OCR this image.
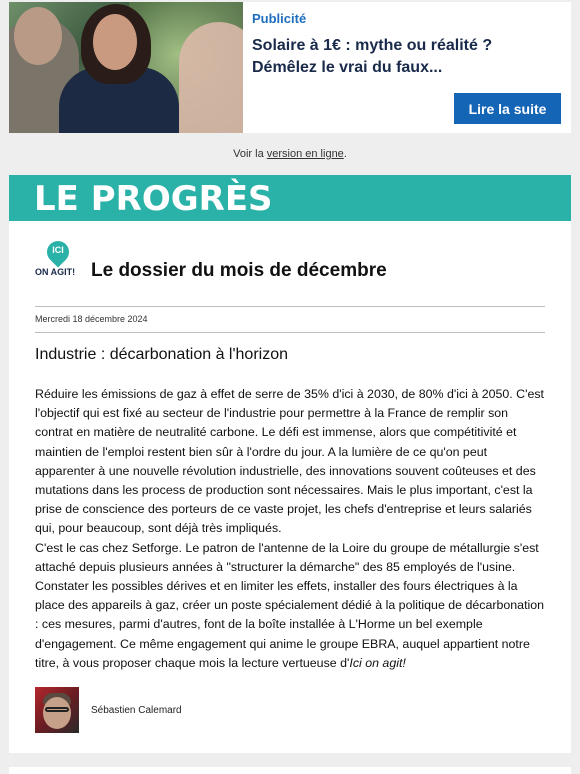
Publicité
Solaire à 1€ : mythe ou réalité ? Démêlez le vrai du faux...
Lire la suite
Voir la version en ligne.
LE PROGRÈS
ICI
ON AGIT! Le dossier du mois de décembre
Mercredi 18 décembre 2024
Industrie : décarbonation à l'horizon

Réduire les émissions de gaz à effet de serre de 35% d'ici à 2030, de 80% d'ici à 2050. C'est l'objectif qui est fixé au secteur de l'industrie pour permettre à la France de remplir son contrat en matière de neutralité carbone. Le défi est immense, alors que compétitivité et maintien de l'emploi restent bien sûr à l'ordre du jour. A la lumière de ce qu'on peut apparenter à une nouvelle révolution industrielle, des innovations souvent coûteuses et des mutations dans les process de production sont nécessaires. Mais le plus important, c'est la prise de conscience des porteurs de ce vaste projet, les chefs d'entreprise et leurs salariés qui, pour beaucoup, sont déjà très impliqués.

C'est le cas chez Setforge. Le patron de l'antenne de la Loire du groupe de métallurgie s'est attaché depuis plusieurs années à "structurer la démarche" des 85 employés de l'usine. Constater les possibles dérives et en limiter les effets, installer des fours électriques à la place des appareils à gaz, créer un poste spécialement dédié à la politique de décarbonation : ces mesures, parmi d'autres, font de la boîte installée à L'Horme un bel exemple d'engagement. Ce même engagement qui anime le groupe EBRA, auquel appartient notre titre, à vous proposer chaque mois la lecture vertueuse d'Ici on agit!

Sébastien Calemard
